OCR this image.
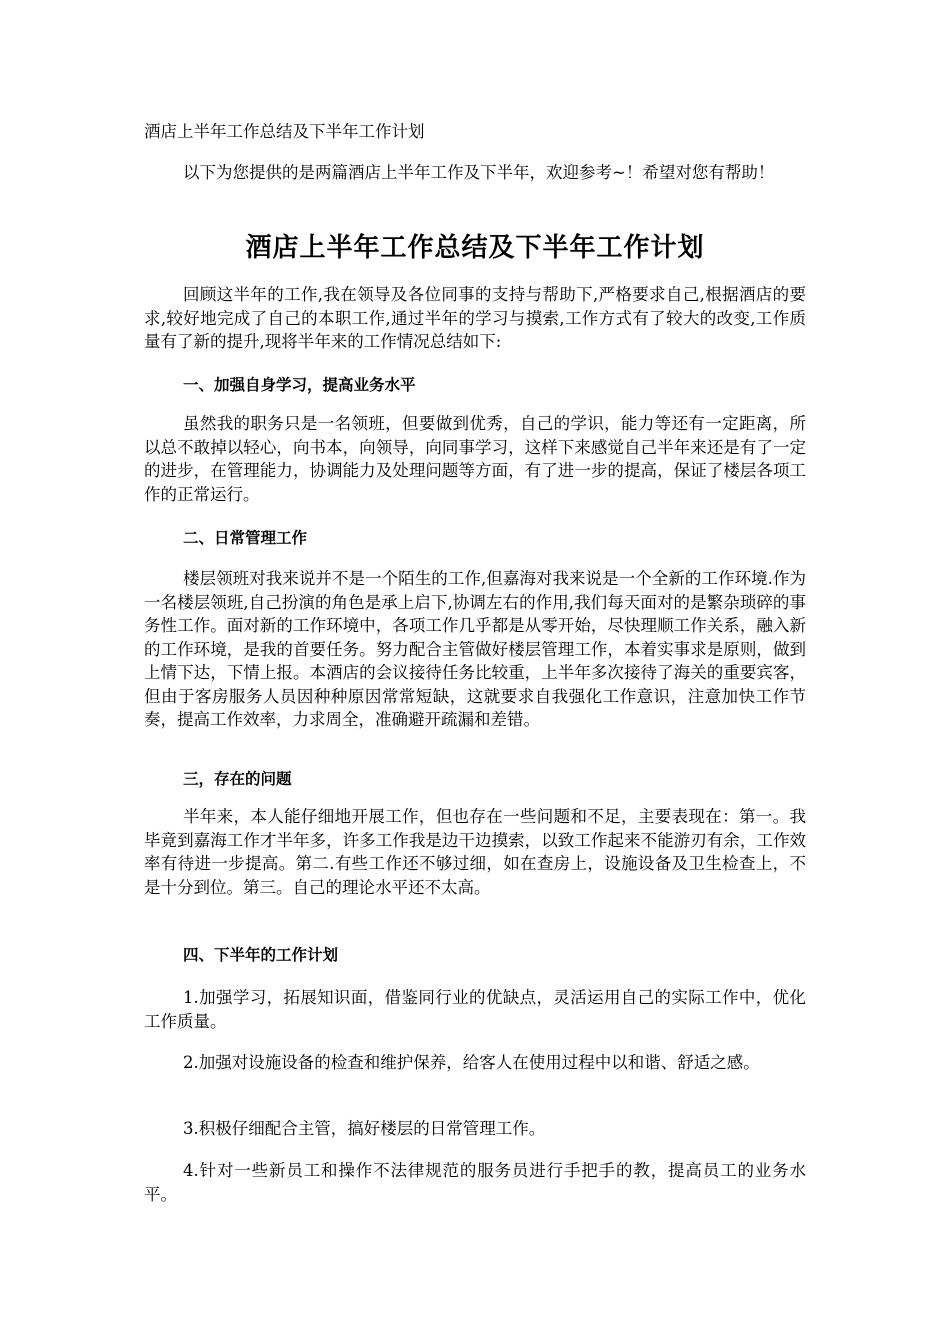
酒店上半年工作总结及下半年工作计划
以下为您提供的是两篇酒店上半年工作及下半年，欢迎参考~！希望对您有帮助！
酒店上半年工作总结及下半年工作计划
回顾这半年的工作,我在领导及各位同事的支持与帮助下,严格要求自己,根据酒店的要求,较好地完成了自己的本职工作,通过半年的学习与摸索,工作方式有了较大的改变,工作质量有了新的提升,现将半年来的工作情况总结如下:
一、加强自身学习，提高业务水平
虽然我的职务只是一名领班，但要做到优秀，自己的学识，能力等还有一定距离，所以总不敢掉以轻心，向书本，向领导，向同事学习，这样下来感觉自己半年来还是有了一定的进步，在管理能力，协调能力及处理问题等方面，有了进一步的提高，保证了楼层各项工作的正常运行。
二、日常管理工作
楼层领班对我来说并不是一个陌生的工作,但嘉海对我来说是一个全新的工作环境.作为一名楼层领班,自己扮演的角色是承上启下,协调左右的作用,我们每天面对的是繁杂琐碎的事务性工作。面对新的工作环境中，各项工作几乎都是从零开始，尽快理顺工作关系，融入新的工作环境，是我的首要任务。努力配合主管做好楼层管理工作，本着实事求是原则，做到上情下达，下情上报。本酒店的会议接待任务比较重，上半年多次接待了海关的重要宾客，但由于客房服务人员因种种原因常常短缺，这就要求自我强化工作意识，注意加快工作节奏，提高工作效率，力求周全，准确避开疏漏和差错。
三，存在的问题
半年来，本人能仔细地开展工作，但也存在一些问题和不足，主要表现在：第一。我毕竟到嘉海工作才半年多，许多工作我是边干边摸索，以致工作起来不能游刃有余，工作效率有待进一步提高。第二.有些工作还不够过细，如在查房上，设施设备及卫生检查上，不是十分到位。第三。自己的理论水平还不太高。
四、下半年的工作计划
1.加强学习，拓展知识面，借鉴同行业的优缺点，灵活运用自己的实际工作中，优化工作质量。
2.加强对设施设备的检查和维护保养，给客人在使用过程中以和谐、舒适之感。
3.积极仔细配合主管，搞好楼层的日常管理工作。
4.针对一些新员工和操作不法律规范的服务员进行手把手的教，提高员工的业务水平。
